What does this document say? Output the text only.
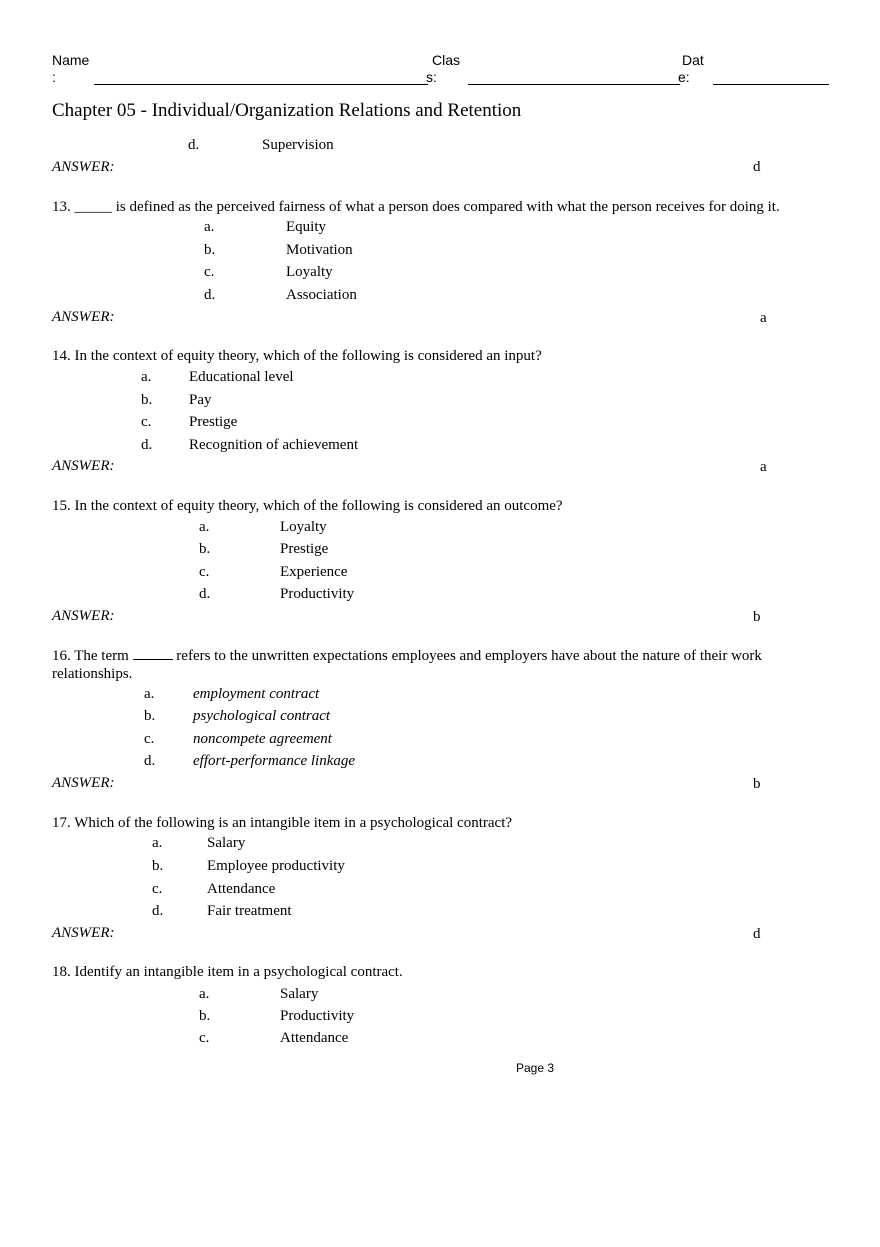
Name
:
Clas
s:
Dat
e:
Chapter 05 - Individual/Organization Relations and Retention
d.	Supervision
ANSWER:	d
13. _____ is defined as the perceived fairness of what a person does compared with what the person receives for doing it.
a.	Equity
b.	Motivation
c.	Loyalty
d.	Association
ANSWER:	a
14. In the context of equity theory, which of the following is considered an input?
a.	Educational level
b. Pay
c.	Prestige
d. Recognition of achievement
ANSWER:	a
15. In the context of equity theory, which of the following is considered an outcome?
a.	Loyalty
b.	Prestige
c.	Experience
d.	Productivity
ANSWER:	b
16. The term	refers to the unwritten expectations employees and employers have about the nature of their work
relationships.
a.	employment contract
b.	psychological contract
c.	noncompete agreement
d.	effort-performance linkage
ANSWER:	b
17. Which of the following is an intangible item in a psychological contract?
a.	Salary
b.	Employee productivity
c.	Attendance
d.	Fair treatment
ANSWER:	d
18. Identify an intangible item in a psychological contract.
a.	Salary
b.	Productivity
c.	Attendance
Page 3
